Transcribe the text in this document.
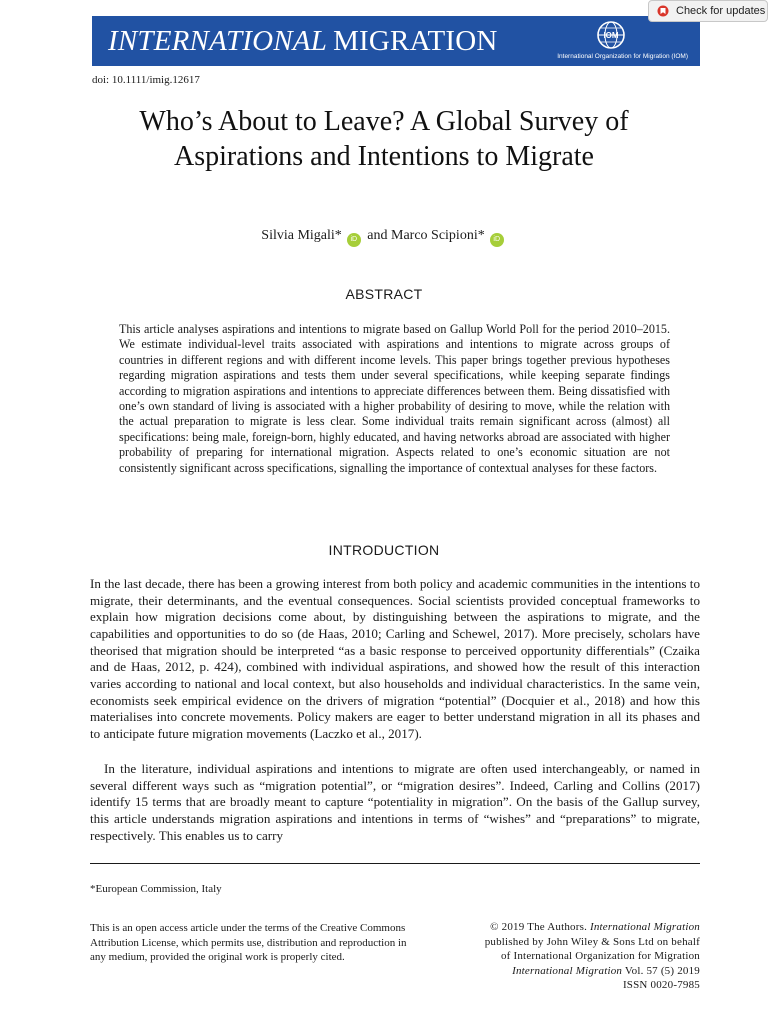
INTERNATIONAL MIGRATION	IOM
International Organization for Migration (IOM)
Check for updates
doi: 10.1111/imig.12617
Who’s About to Leave? A Global Survey of
Aspirations and Intentions to Migrate
Silvia Migali* iD and Marco Scipioni* iD
ABSTRACT

This article analyses aspirations and intentions to migrate based on Gallup World Poll for the period 2010–2015. We estimate individual-level traits associated with aspirations and intentions to migrate across groups of countries in different regions and with different income levels. This paper brings together previous hypotheses regarding migration aspirations and tests them under several specifications, while keeping separate findings according to migration aspirations and intentions to appreciate differences between them. Being dissatisfied with one’s own standard of living is associated with a higher probability of desiring to move, while the relation with the actual preparation to migrate is less clear. Some individual traits remain significant across (almost) all specifications: being male, foreign-born, highly educated, and having networks abroad are associated with higher probability of preparing for international migration. Aspects related to one’s economic situation are not consistently significant across specifications, signalling the importance of contextual analyses for these factors.

INTRODUCTION

In the last decade, there has been a growing interest from both policy and academic communities in the intentions to migrate, their determinants, and the eventual consequences. Social scientists provided conceptual frameworks to explain how migration decisions come about, by distinguishing between the aspirations to migrate, and the capabilities and opportunities to do so (de Haas, 2010; Carling and Schewel, 2017). More precisely, scholars have theorised that migration should be interpreted “as a basic response to perceived opportunity differentials” (Czaika and de Haas, 2012, p. 424), combined with individual aspirations, and showed how the result of this interaction varies according to national and local context, but also households and individual characteristics. In the same vein, economists seek empirical evidence on the drivers of migration “potential” (Docquier et al., 2018) and how this materialises into concrete movements. Policy makers are eager to better understand migration in all its phases and to anticipate future migration movements (Laczko et al., 2017).

In the literature, individual aspirations and intentions to migrate are often used interchangeably, or named in several different ways such as “migration potential”, or “migration desires”. Indeed, Carling and Collins (2017) identify 15 terms that are broadly meant to capture “potentiality in migration”. On the basis of the Gallup survey, this article understands migration aspirations and intentions in terms of “wishes” and “preparations” to migrate, respectively. This enables us to carry

*European Commission, Italy
This is an open access article under the terms of the Creative Commons Attribution License, which permits use, distribution and reproduction in any medium, provided the original work is properly cited.
© 2019 The Authors. International Migration
published by John Wiley & Sons Ltd on behalf
of International Organization for Migration
International Migration Vol. 57 (5) 2019
ISSN 0020-7985
